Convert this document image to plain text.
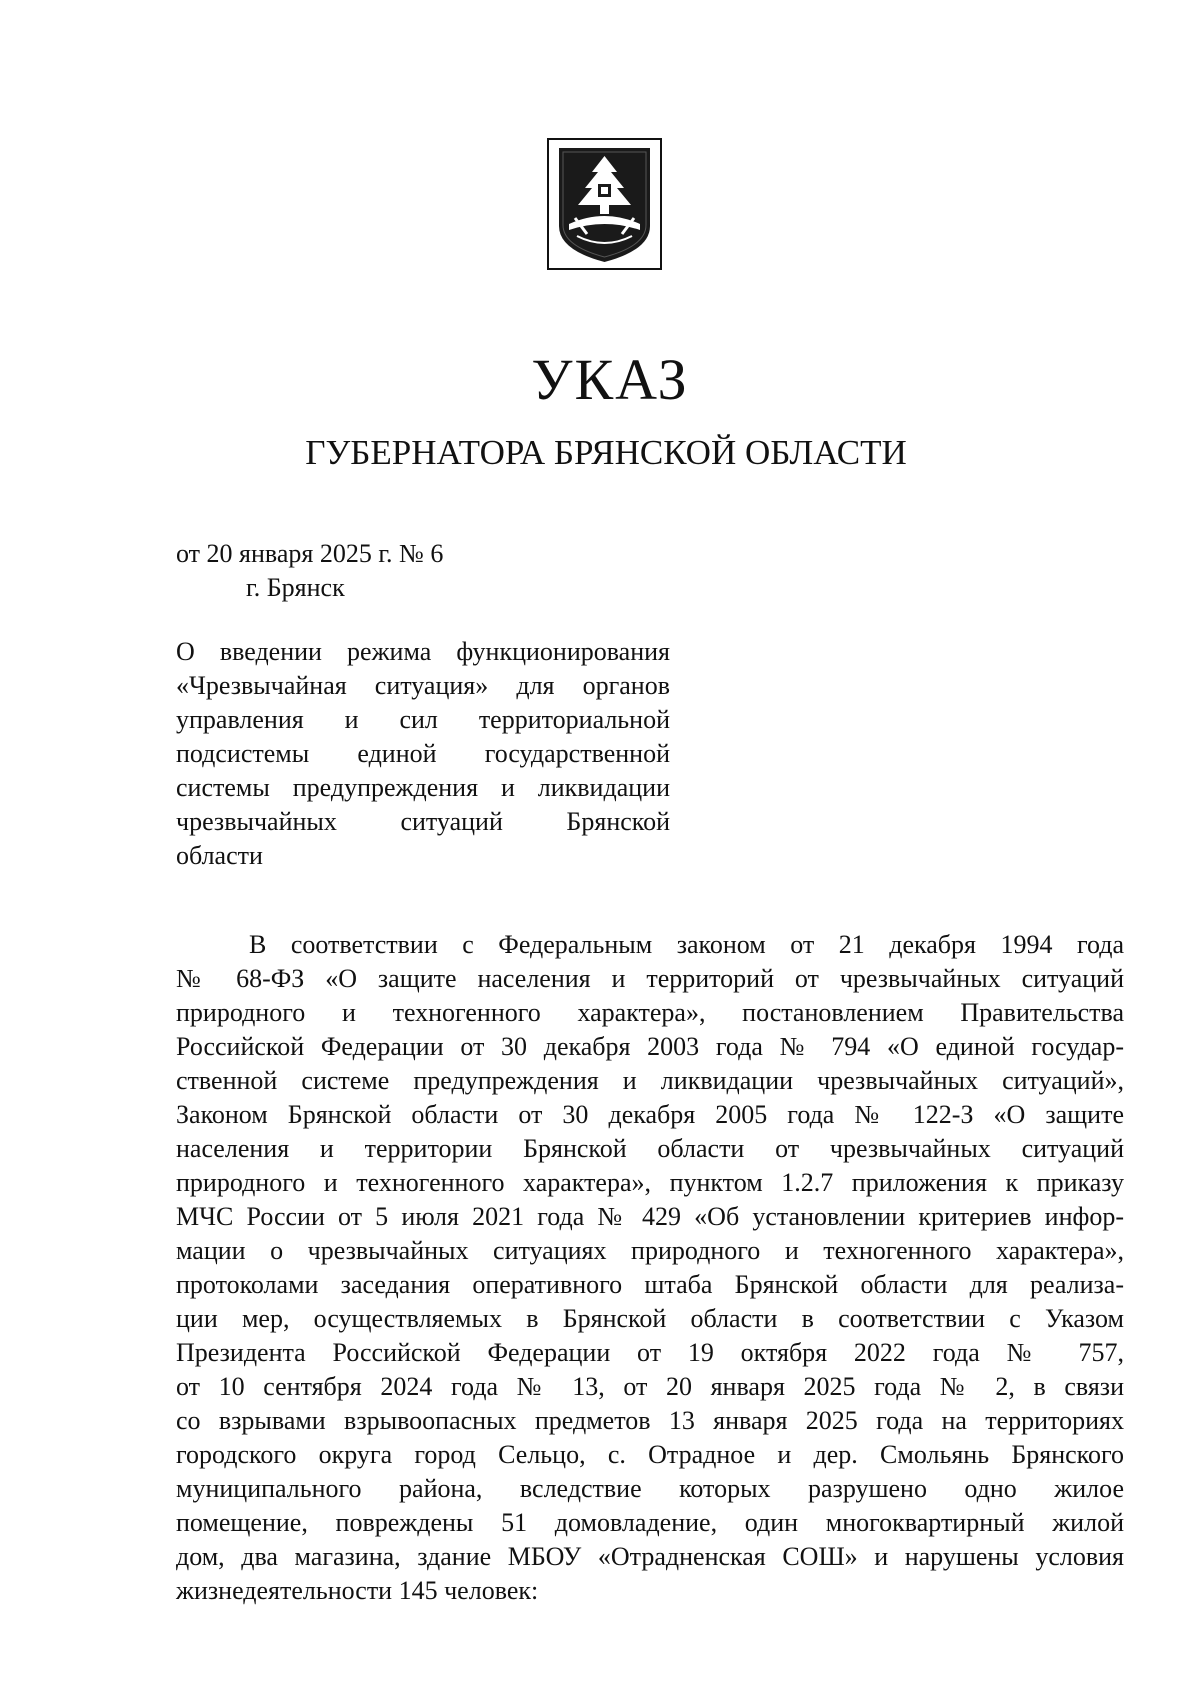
УКАЗ
ГУБЕРНАТОРА БРЯНСКОЙ ОБЛАСТИ
от 20 января 2025 г. № 6
г. Брянск
О введении режима функционирования
«Чрезвычайная ситуация» для органов
управления и сил территориальной
подсистемы единой государственной
системы предупреждения и ликвидации
чрезвычайных ситуаций Брянской
области
В соответствии с Федеральным законом от 21 декабря 1994 года
№ 68-ФЗ «О защите населения и территорий от чрезвычайных ситуаций
природного и техногенного характера», постановлением Правительства
Российской Федерации от 30 декабря 2003 года № 794 «О единой государ-
ственной системе предупреждения и ликвидации чрезвычайных ситуаций»,
Законом Брянской области от 30 декабря 2005 года № 122-З «О защите
населения и территории Брянской области от чрезвычайных ситуаций
природного и техногенного характера», пунктом 1.2.7 приложения к приказу
МЧС России от 5 июля 2021 года № 429 «Об установлении критериев инфор-
мации о чрезвычайных ситуациях природного и техногенного характера»,
протоколами заседания оперативного штаба Брянской области для реализа-
ции мер, осуществляемых в Брянской области в соответствии с Указом
Президента Российской Федерации от 19 октября 2022 года № 757,
от 10 сентября 2024 года № 13, от 20 января 2025 года № 2, в связи
со взрывами взрывоопасных предметов 13 января 2025 года на территориях
городского округа город Сельцо, с. Отрадное и дер. Смольянь Брянского
муниципального района, вследствие которых разрушено одно жилое
помещение, повреждены 51 домовладение, один многоквартирный жилой
дом, два магазина, здание МБОУ «Отрадненская СОШ» и нарушены условия
жизнедеятельности 145 человек:
